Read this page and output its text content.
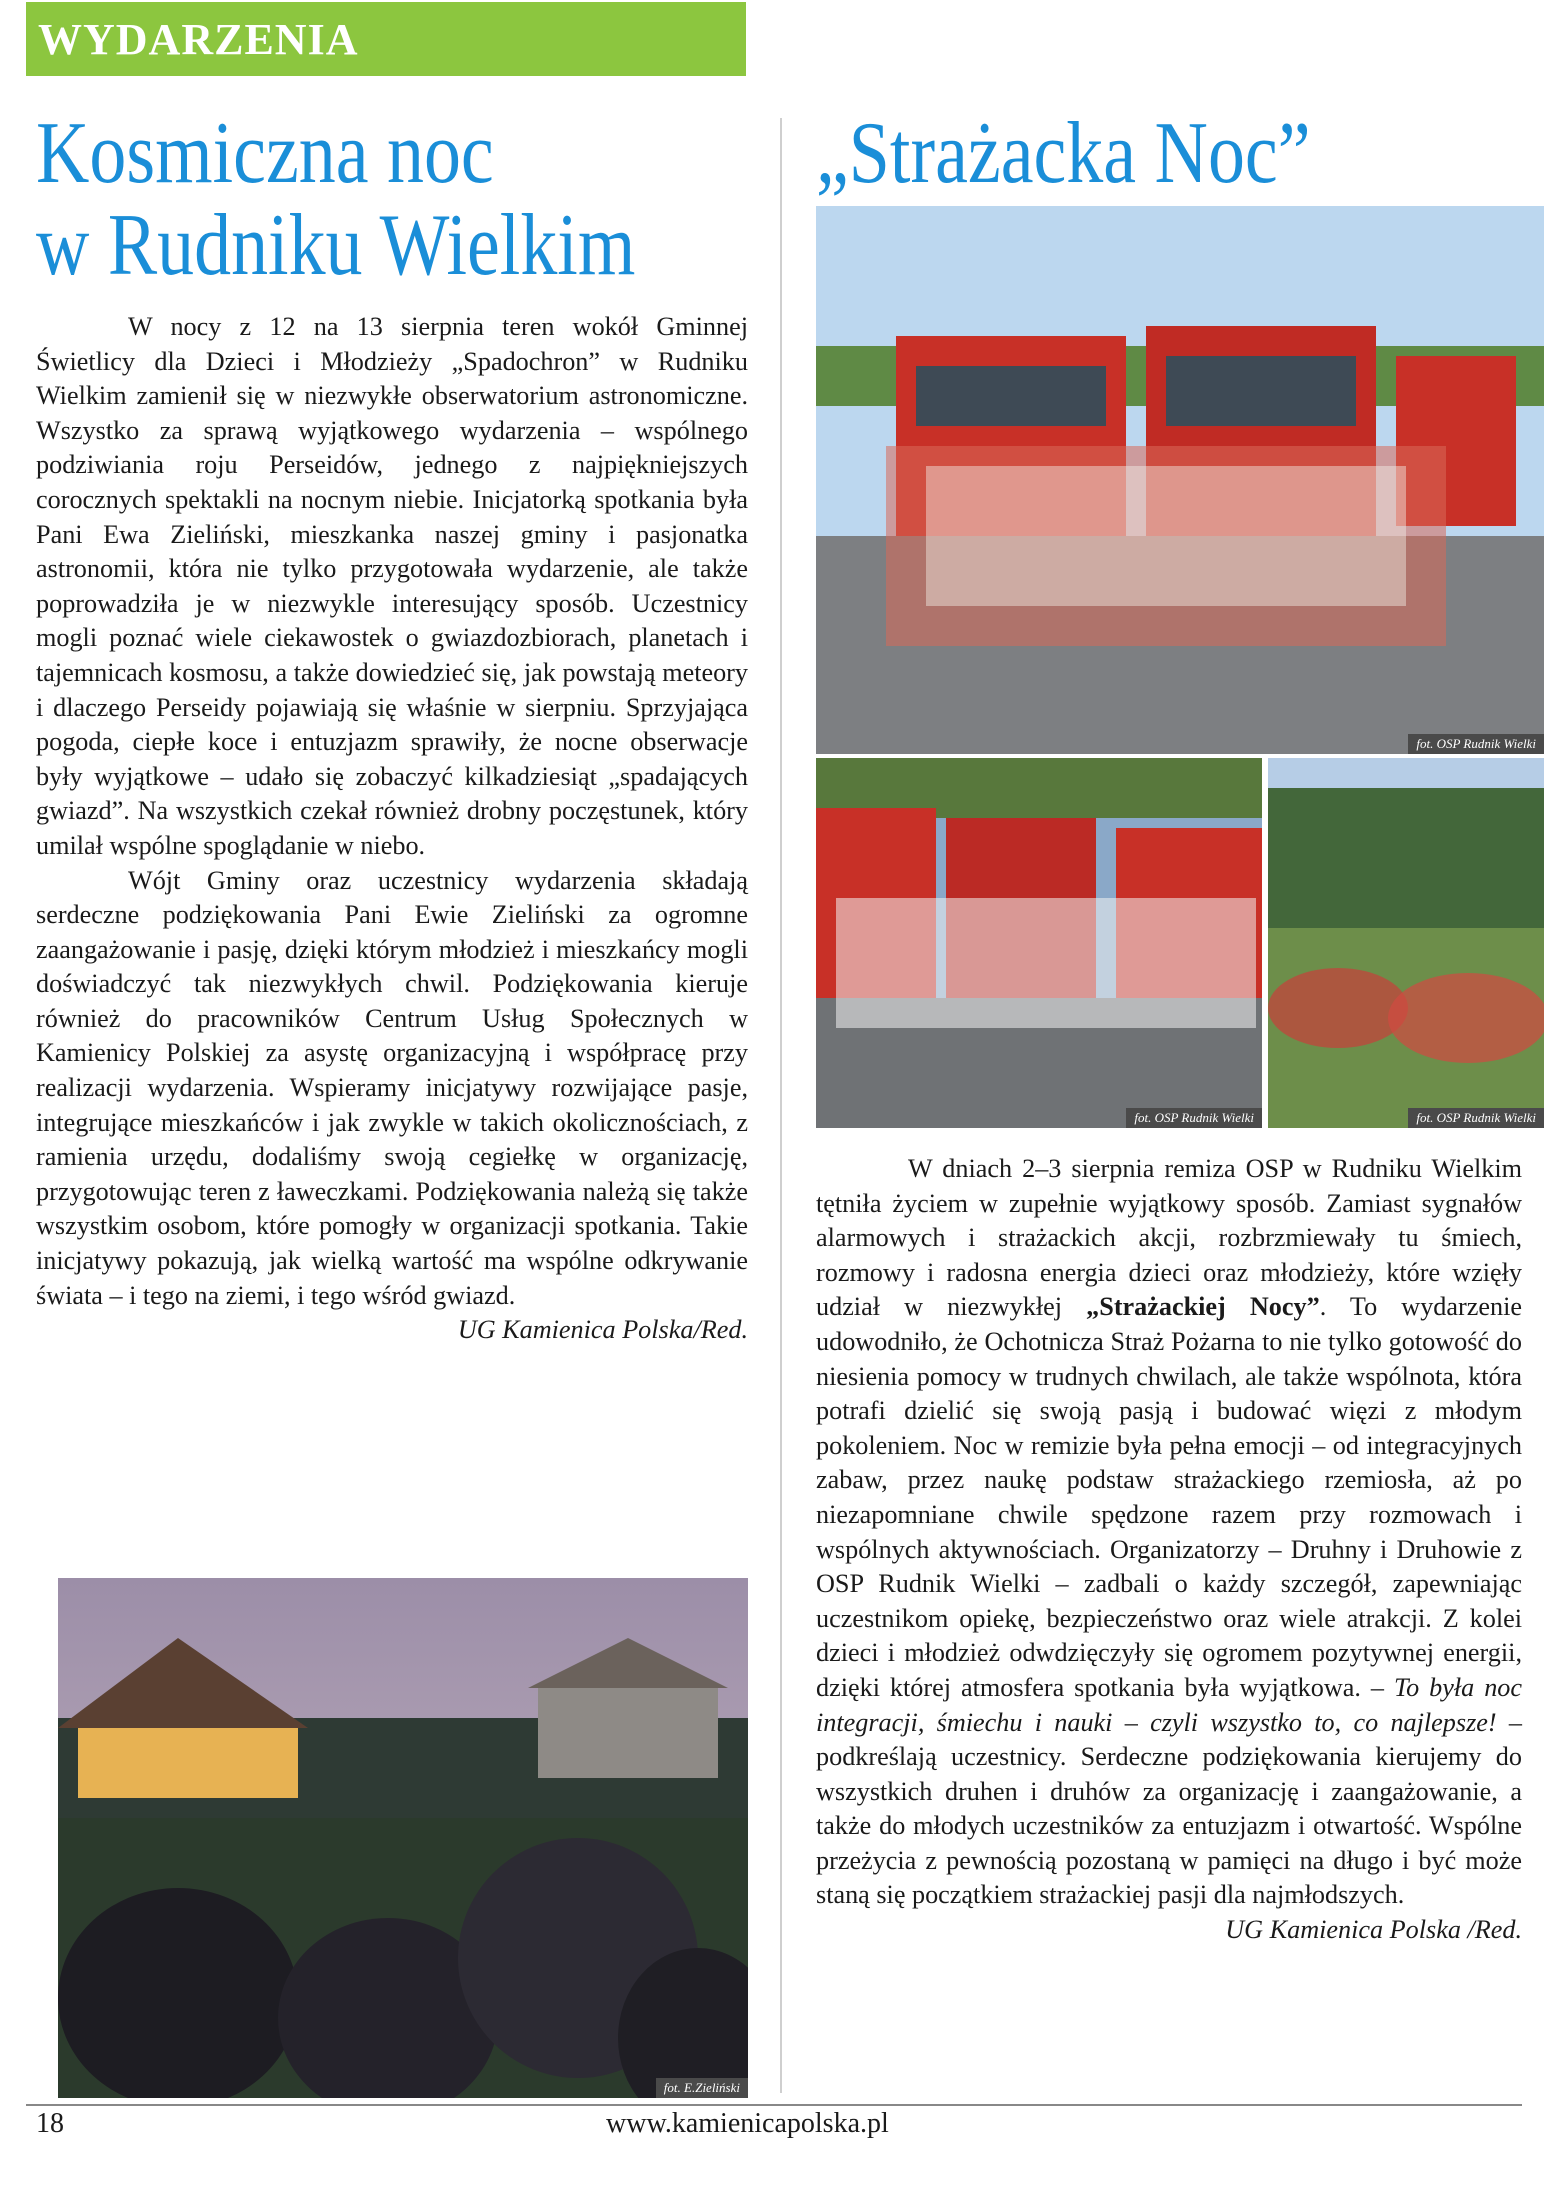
WYDARZENIA
Kosmiczna noc
w Rudniku Wielkim

W nocy z 12 na 13 sierpnia teren wokół Gminnej Świetlicy dla Dzieci i Młodzieży „Spadochron” w Rudniku Wielkim zamienił się w niezwykłe obserwatorium astronomiczne. Wszystko za sprawą wyjątkowego wydarzenia – wspólnego podziwiania roju Perseidów, jednego z najpiękniejszych corocznych spektakli na nocnym niebie. Inicjatorką spotkania była Pani Ewa Zieliński, mieszkanka naszej gminy i pasjonatka astronomii, która nie tylko przygotowała wydarzenie, ale także poprowadziła je w niezwykle interesujący sposób. Uczestnicy mogli poznać wiele ciekawostek o gwiazdozbiorach, planetach i tajemnicach kosmosu, a także dowiedzieć się, jak powstają meteory i dlaczego Perseidy pojawiają się właśnie w sierpniu. Sprzyjająca pogoda, ciepłe koce i entuzjazm sprawiły, że nocne obserwacje były wyjątkowe – udało się zobaczyć kilkadziesiąt „spadających gwiazd”. Na wszystkich czekał również drobny poczęstunek, który umilał wspólne spoglądanie w niebo.

Wójt Gminy oraz uczestnicy wydarzenia składają serdeczne podziękowania Pani Ewie Zieliński za ogromne zaangażowanie i pasję, dzięki którym młodzież i mieszkańcy mogli doświadczyć tak niezwykłych chwil. Podziękowania kieruje również do pracowników Centrum Usług Społecznych w Kamienicy Polskiej za asystę organizacyjną i współpracę przy realizacji wydarzenia. Wspieramy inicjatywy rozwijające pasje, integrujące mieszkańców i jak zwykle w takich okolicznościach, z ramienia urzędu, dodaliśmy swoją cegiełkę w organizację, przygotowując teren z ławeczkami. Podziękowania należą się także wszystkim osobom, które pomogły w organizacji spotkania. Takie inicjatywy pokazują, jak wielką wartość ma wspólne odkrywanie świata – i tego na ziemi, i tego wśród gwiazd.

UG Kamienica Polska/Red.

fot. E.Zieliński
„Strażacka Noc”
fot. OSP Rudnik Wielki
fot. OSP Rudnik Wielki	fot. OSP Rudnik Wielki

W dniach 2–3 sierpnia remiza OSP w Rudniku Wielkim tętniła życiem w zupełnie wyjątkowy sposób. Zamiast sygnałów alarmowych i strażackich akcji, rozbrzmiewały tu śmiech, rozmowy i radosna energia dzieci oraz młodzieży, które wzięły udział w niezwykłej „Strażackiej Nocy”. To wydarzenie udowodniło, że Ochotnicza Straż Pożarna to nie tylko gotowość do niesienia pomocy w trudnych chwilach, ale także wspólnota, która potrafi dzielić się swoją pasją i budować więzi z młodym pokoleniem. Noc w remizie była pełna emocji – od integracyjnych zabaw, przez naukę podstaw strażackiego rzemiosła, aż po niezapomniane chwile spędzone razem przy rozmowach i wspólnych aktywnościach. Organizatorzy – Druhny i Druhowie z OSP Rudnik Wielki – zadbali o każdy szczegół, zapewniając uczestnikom opiekę, bezpieczeństwo oraz wiele atrakcji. Z kolei dzieci i młodzież odwdzięczyły się ogromem pozytywnej energii, dzięki której atmosfera spotkania była wyjątkowa. – To była noc integracji, śmiechu i nauki – czyli wszystko to, co najlepsze! – podkreślają uczestnicy. Serdeczne podziękowania kierujemy do wszystkich druhen i druhów za organizację i zaangażowanie, a także do młodych uczestników za entuzjazm i otwartość. Wspólne przeżycia z pewnością pozostaną w pamięci na długo i być może staną się początkiem strażackiej pasji dla najmłodszych.

UG Kamienica Polska /Red.

18	www.kamienicapolska.pl
